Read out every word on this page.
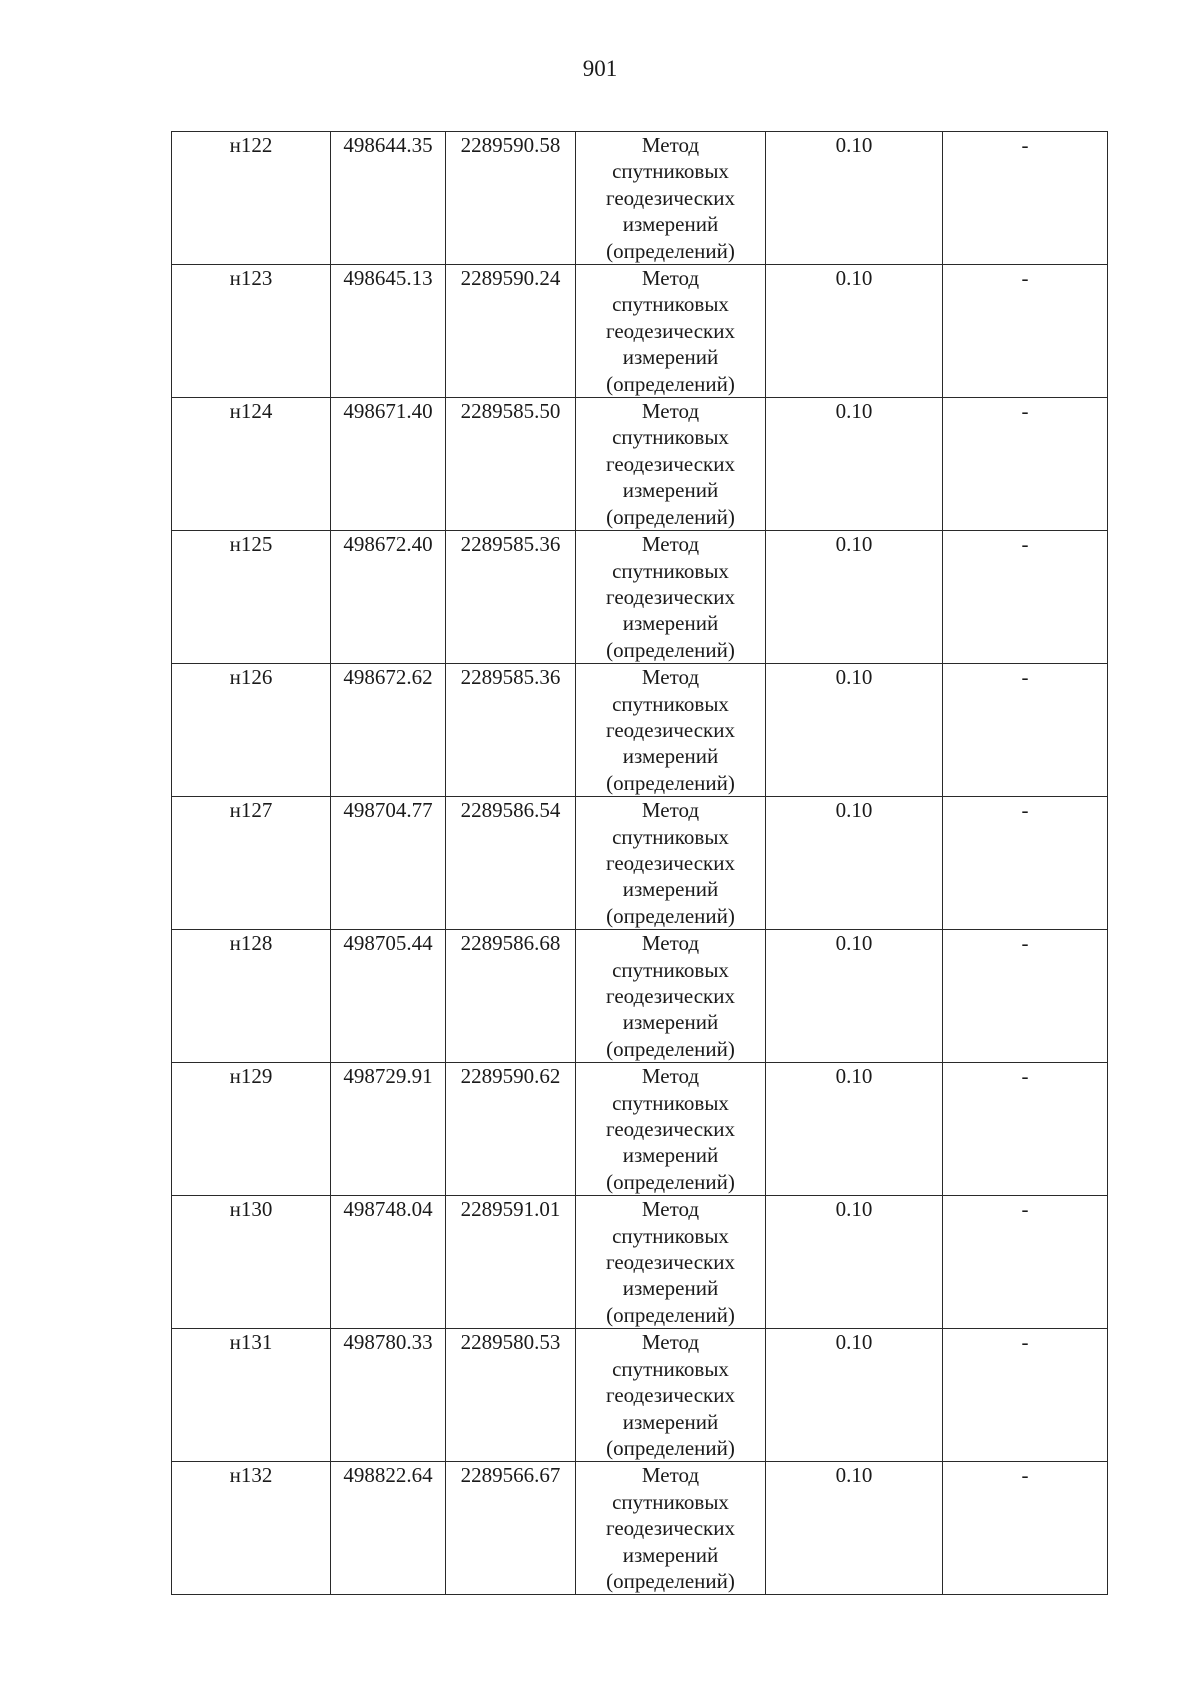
901
н122	498644.35	2289590.58	Метод
спутниковых
геодезических
измерений
(определений)	0.10	-
н123	498645.13	2289590.24	Метод
спутниковых
геодезических
измерений
(определений)	0.10	-
н124	498671.40	2289585.50	Метод
спутниковых
геодезических
измерений
(определений)	0.10	-
н125	498672.40	2289585.36	Метод
спутниковых
геодезических
измерений
(определений)	0.10	-
н126	498672.62	2289585.36	Метод
спутниковых
геодезических
измерений
(определений)	0.10	-
н127	498704.77	2289586.54	Метод
спутниковых
геодезических
измерений
(определений)	0.10	-
н128	498705.44	2289586.68	Метод
спутниковых
геодезических
измерений
(определений)	0.10	-
н129	498729.91	2289590.62	Метод
спутниковых
геодезических
измерений
(определений)	0.10	-
н130	498748.04	2289591.01	Метод
спутниковых
геодезических
измерений
(определений)	0.10	-
н131	498780.33	2289580.53	Метод
спутниковых
геодезических
измерений
(определений)	0.10	-
н132	498822.64	2289566.67	Метод
спутниковых
геодезических
измерений
(определений)	0.10	-
